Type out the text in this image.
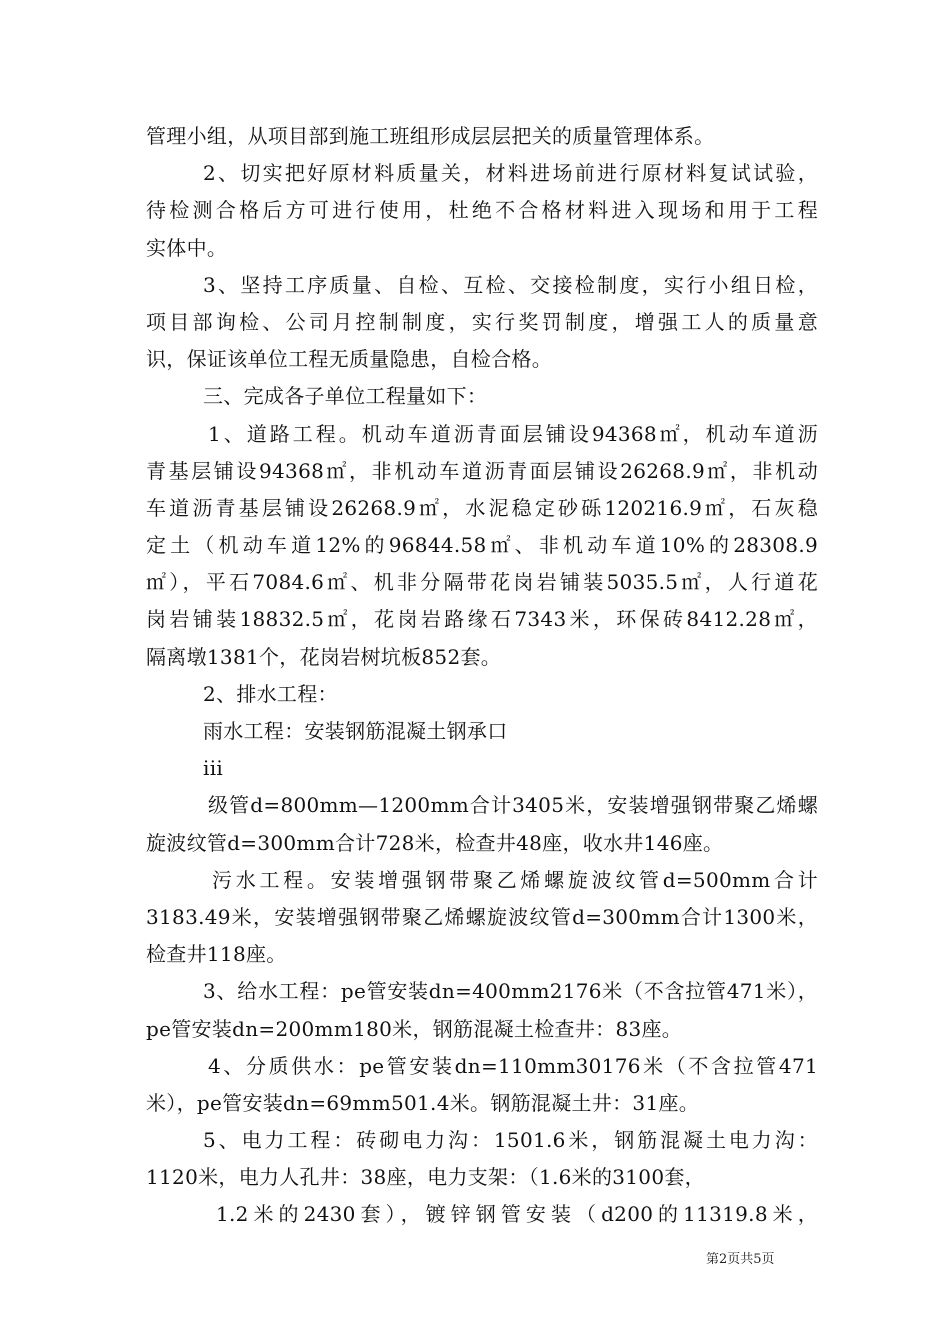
管理小组，从项目部到施工班组形成层层把关的质量管理体系。
2、切实把好原材料质量关，材料进场前进行原材料复试试验，
待检测合格后方可进行使用，杜绝不合格材料进入现场和用于工程
实体中。
3、坚持工序质量、自检、互检、交接检制度，实行小组日检，
项目部询检、公司月控制制度，实行奖罚制度，增强工人的质量意
识，保证该单位工程无质量隐患，自检合格。
三、完成各子单位工程量如下：
1、道路工程。机动车道沥青面层铺设94368㎡，机动车道沥
青基层铺设94368㎡，非机动车道沥青面层铺设26268.9㎡，非机动
车道沥青基层铺设26268.9㎡，水泥稳定砂砾120216.9㎡，石灰稳
定土（机动车道12%的96844.58㎡、非机动车道10%的28308.9
㎡），平石7084.6㎡、机非分隔带花岗岩铺装5035.5㎡，人行道花
岗岩铺装18832.5㎡，花岗岩路缘石7343米，环保砖8412.28㎡，
隔离墩1381个，花岗岩树坑板852套。
2、排水工程：
雨水工程：安装钢筋混凝土钢承口
iii
级管d=800mm—1200mm合计3405米，安装增强钢带聚乙烯螺
旋波纹管d=300mm合计728米，检查井48座，收水井146座。
污水工程。安装增强钢带聚乙烯螺旋波纹管d=500mm合计
3183.49米，安装增强钢带聚乙烯螺旋波纹管d=300mm合计1300米，
检查井118座。
3、给水工程：pe管安装dn=400mm2176米（不含拉管471米），
pe管安装dn=200mm180米，钢筋混凝土检查井：83座。
4、分质供水：pe管安装dn=110mm30176米（不含拉管471
米），pe管安装dn=69mm501.4米。钢筋混凝土井：31座。
5、电力工程：砖砌电力沟：1501.6米，钢筋混凝土电力沟：
1120米，电力人孔井：38座，电力支架：（1.6米的3100套，
1.2米的2430套），镀锌钢管安装（d200的11319.8米，
第2页共5页
